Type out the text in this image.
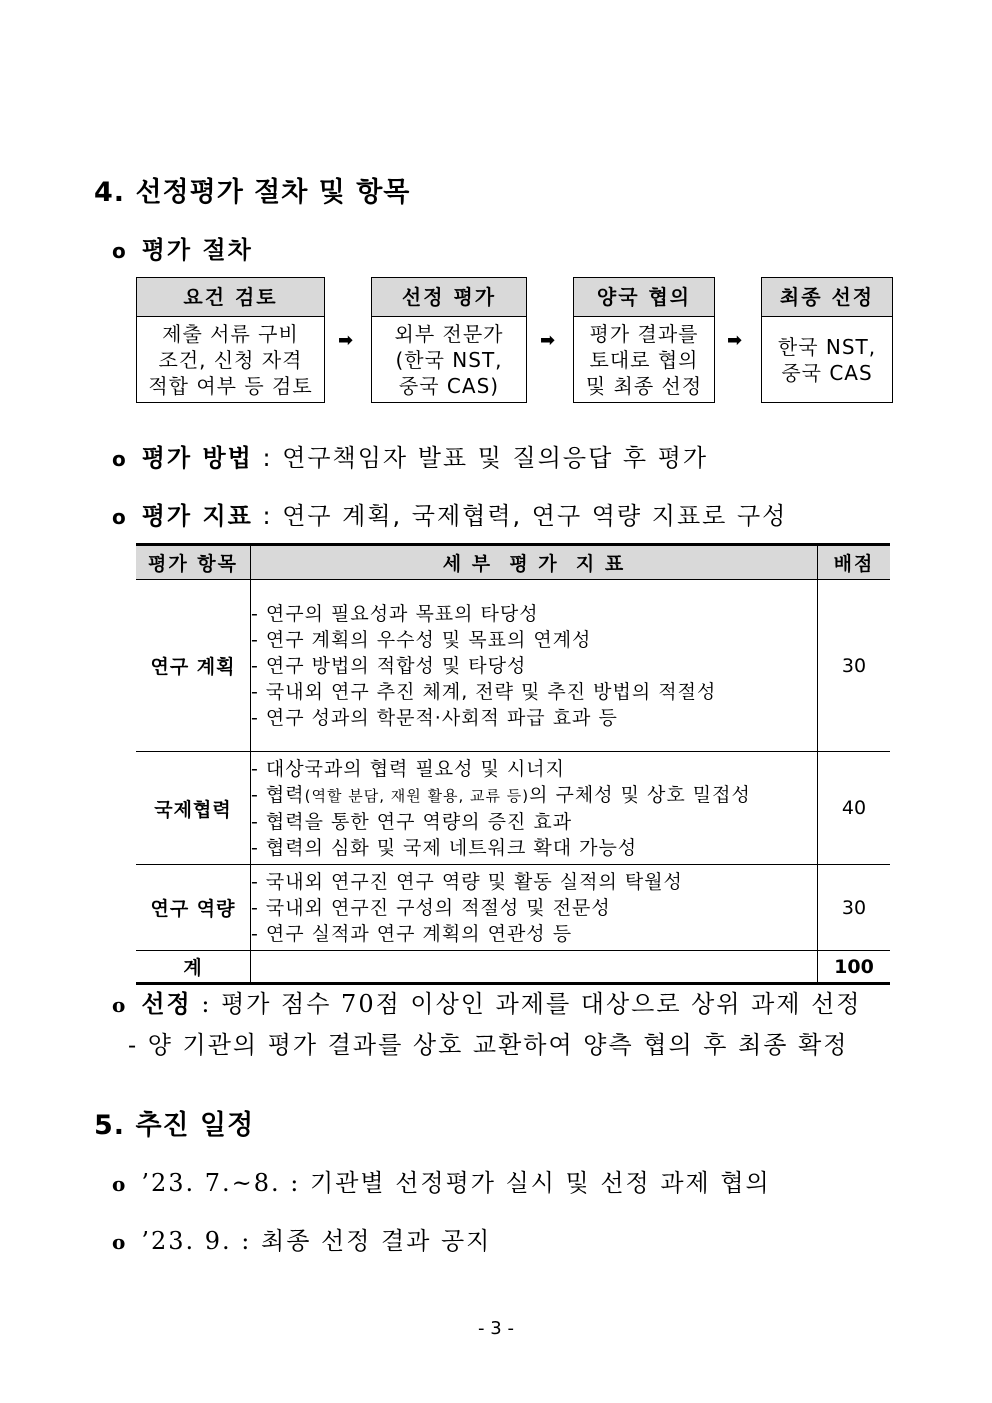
4. 선정평가 절차 및 항목
o 평가 절차
요건 검토
제출 서류 구비
조건, 신청 자격
적합 여부 등 검토
➡
선정 평가
외부 전문가
(한국 NST,
중국 CAS)
➡
양국 협의
평가 결과를
토대로 협의
및 최종 선정
➡
최종 선정
한국 NST,
중국 CAS
o 평가 방법 : 연구책임자 발표 및 질의응답 후 평가
o 평가 지표 : 연구 계획, 국제협력, 연구 역량 지표로 구성
평가 항목	세 부  평 가  지 표	배점
연구 계획	- 연구의 필요성과 목표의 타당성
- 연구 계획의 우수성 및 목표의 연계성
- 연구 방법의 적합성 및 타당성
- 국내외 연구 추진 체계, 전략 및 추진 방법의 적절성
- 연구 성과의 학문적·사회적 파급 효과 등	30
국제협력	- 대상국과의 협력 필요성 및 시너지
- 협력(역할 분담, 재원 활용, 교류 등)의 구체성 및 상호 밀접성
- 협력을 통한 연구 역량의 증진 효과
- 협력의 심화 및 국제 네트워크 확대 가능성	40
연구 역량	- 국내외 연구진 연구 역량 및 활동 실적의 탁월성
- 국내외 연구진 구성의 적절성 및 전문성
- 연구 실적과 연구 계획의 연관성 등	30
계		100
o 선정 : 평가 점수 70점 이상인 과제를 대상으로 상위 과제 선정
- 양 기관의 평가 결과를 상호 교환하여 양측 협의 후 최종 확정
5. 추진 일정
o ’23. 7.~8. : 기관별 선정평가 실시 및 선정 과제 협의
o ’23. 9. : 최종 선정 결과 공지
- 3 -
